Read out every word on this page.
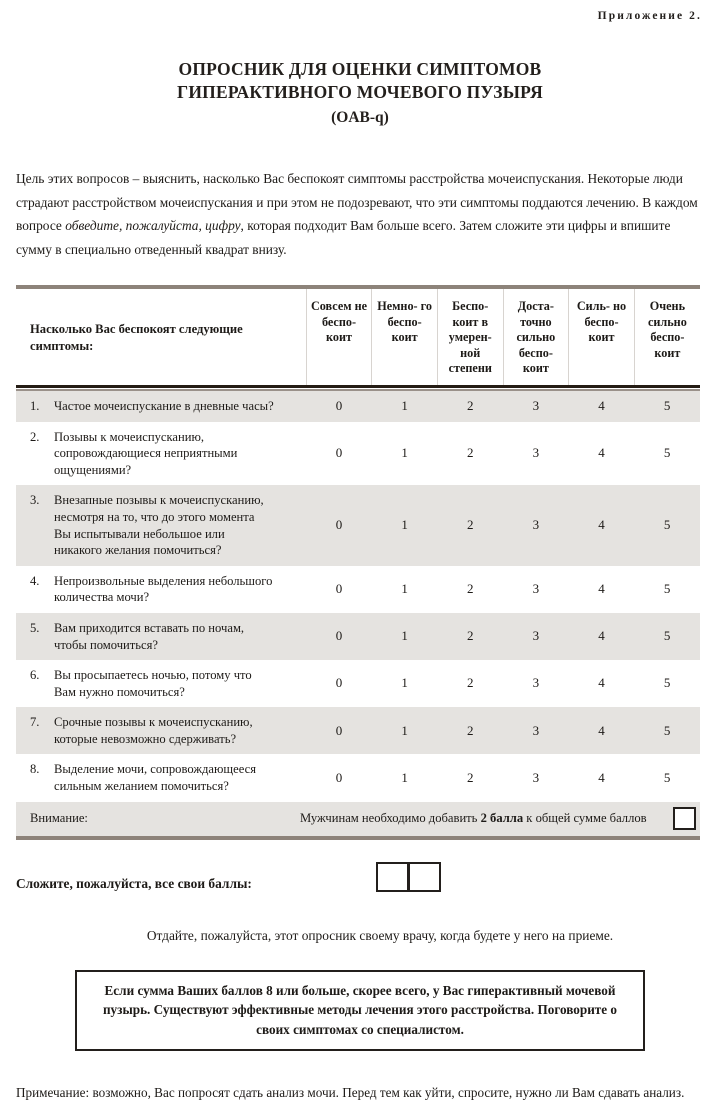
Приложение 2.
ОПРОСНИК ДЛЯ ОЦЕНКИ СИМПТОМОВ
ГИПЕРАКТИВНОГО МОЧЕВОГО ПУЗЫРЯ
(OAB-q)
Цель этих вопросов – выяснить, насколько Вас беспокоят симптомы расстройства мочеиспускания. Некоторые люди страдают расстройством мочеиспускания и при этом не подозревают, что эти симптомы поддаются лечению. В каждом вопросе обведите, пожалуйста, цифру, которая подходит Вам больше всего. Затем сложите эти цифры и впишите сумму в специально отведенный квадрат внизу.
Насколько Вас беспокоят следующие симптомы:	Совсем не беспо- коит	Немно- го беспо- коит	Беспо- коит в умерен- ной степени	Доста- точно сильно беспо- коит	Силь- но беспо- коит	Очень сильно беспо- коит
1. Частое мочеиспускание в дневные часы?	0	1	2	3	4	5

2. Позывы к мочеиспусканию,
сопровождающиеся неприятными
ощущениями?	0	1	2	3	4	5

3. Внезапные позывы к мочеиспусканию,
несмотря на то, что до этого момента
Вы испытывали небольшое или
никакого желания помочиться?	0	1	2	3	4	5

4. Непроизвольные выделения небольшого
количества мочи?	0	1	2	3	4	5

5. Вам приходится вставать по ночам,
чтобы помочиться?	0	1	2	3	4	5

6. Вы просыпаетесь ночью, потому что
Вам нужно помочиться?	0	1	2	3	4	5

7. Срочные позывы к мочеиспусканию,
которые невозможно сдерживать?	0	1	2	3	4	5

8. Выделение мочи, сопровождающееся
сильным желанием помочиться?	0	1	2	3	4	5
Внимание:	Мужчинам необходимо добавить 2 балла к общей сумме баллов
Сложите, пожалуйста, все свои баллы:
Отдайте, пожалуйста, этот опросник своему врачу, когда будете у него на приеме.
Если сумма Ваших баллов 8 или больше, скорее всего, у Вас гиперактивный мочевой пузырь. Существуют эффективные методы лечения этого расстройства. Поговорите о своих симптомах со специалистом.
Примечание: возможно, Вас попросят сдать анализ мочи. Перед тем как уйти, спросите, нужно ли Вам сдавать анализ.
